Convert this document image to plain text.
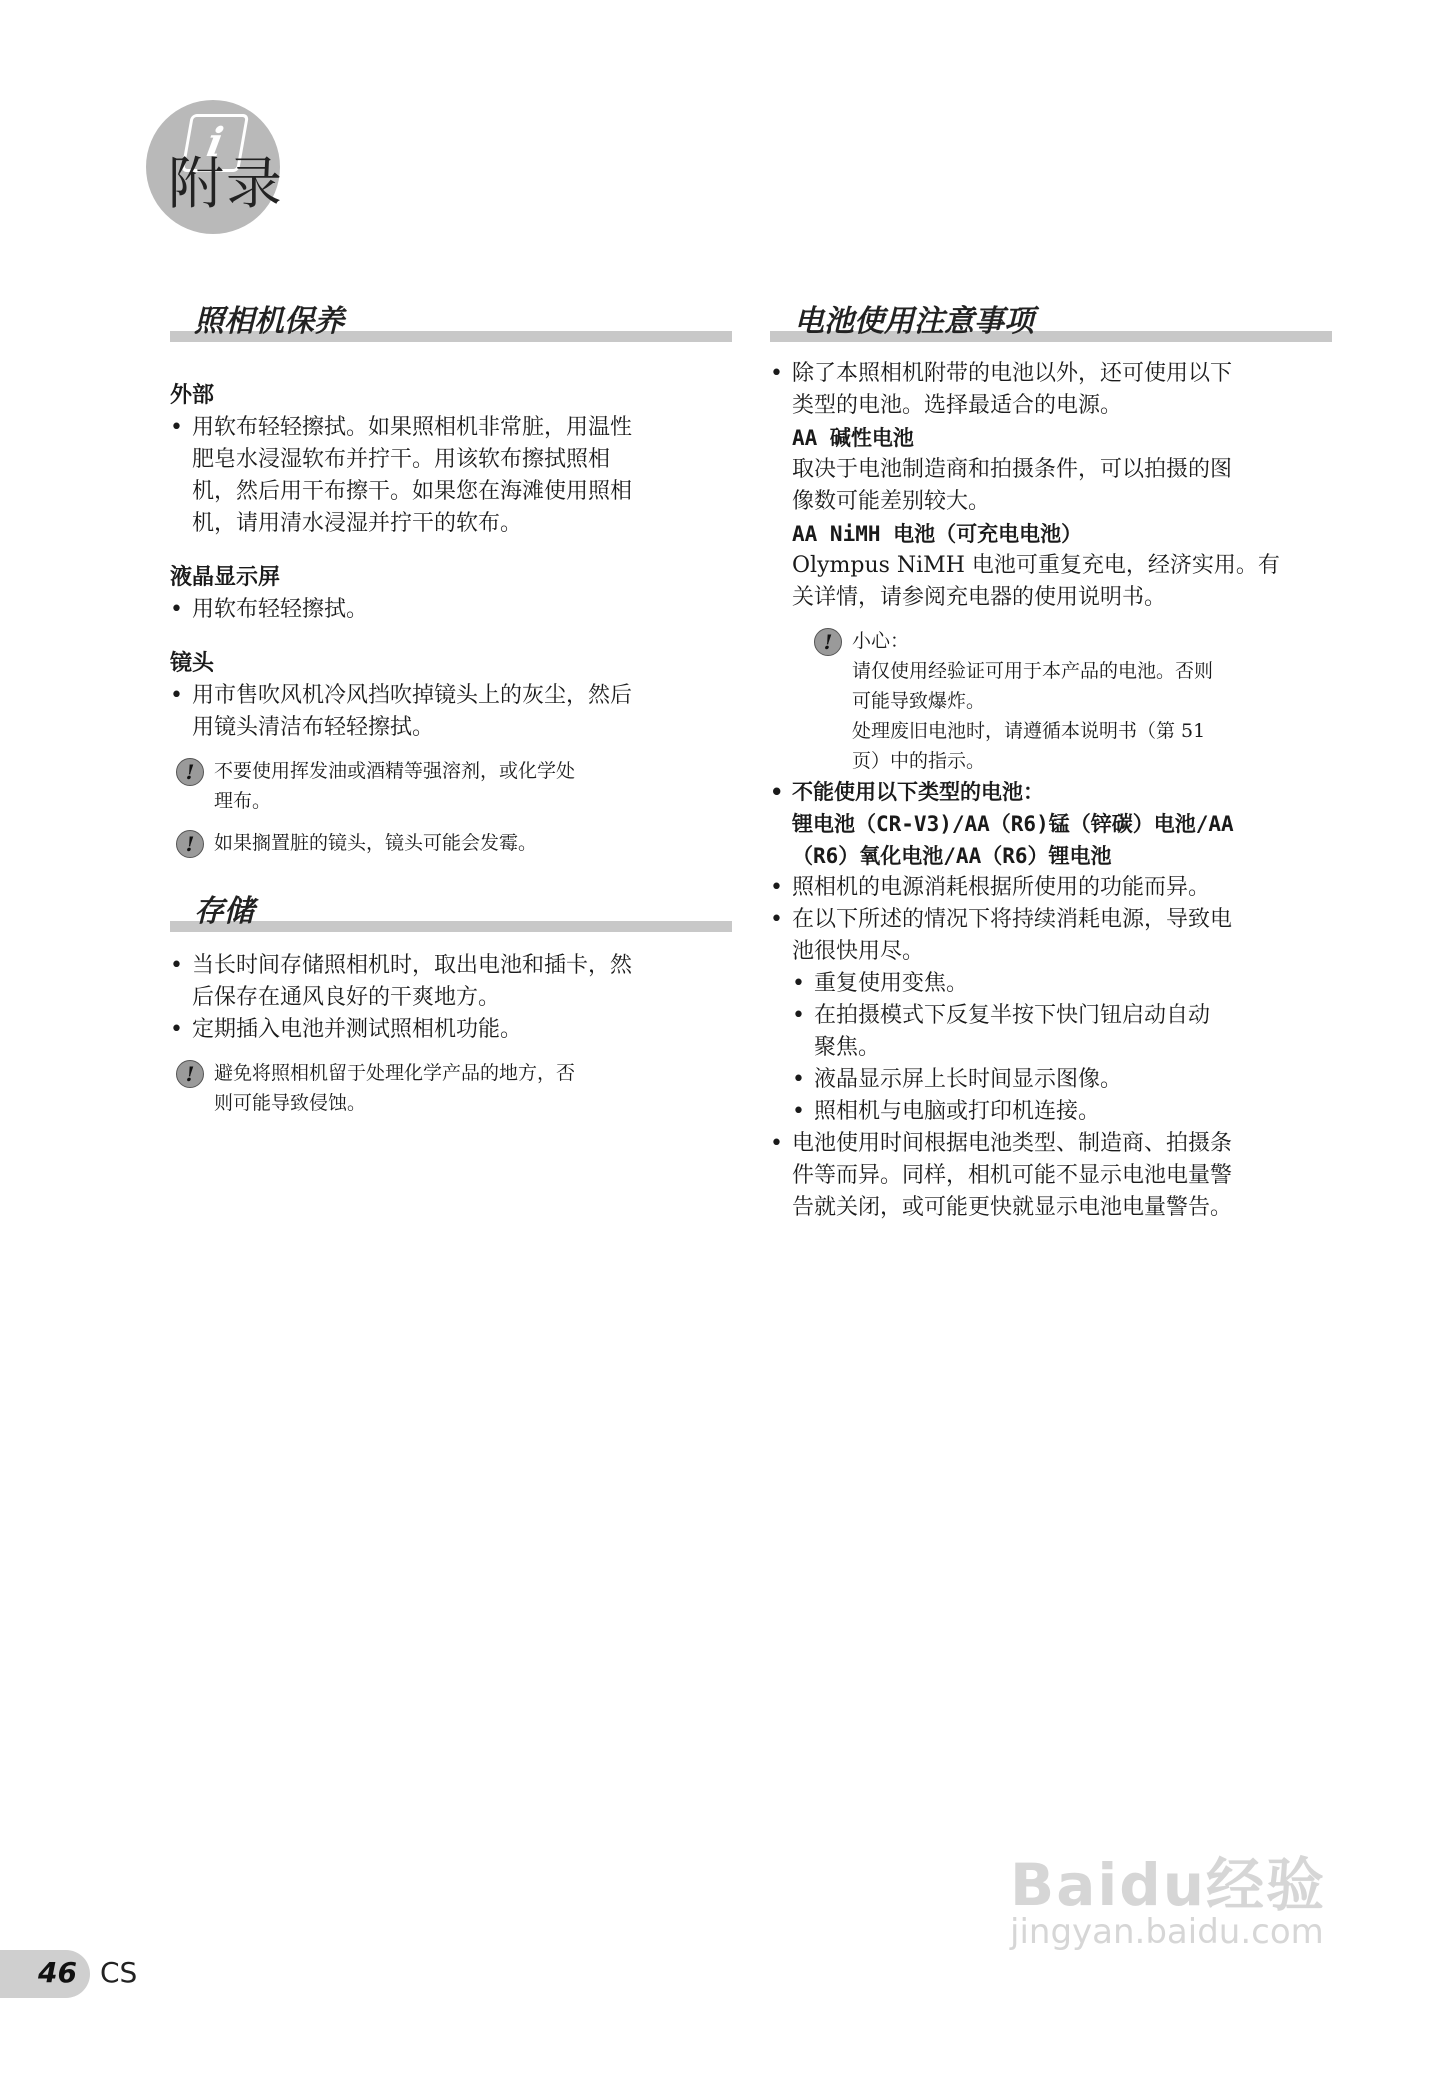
i
附录
照相机保养
外部
• 用软布轻轻擦拭。如果照相机非常脏，用温性
肥皂水浸湿软布并拧干。用该软布擦拭照相
机，然后用干布擦干。如果您在海滩使用照相
机，请用清水浸湿并拧干的软布。
液晶显示屏
• 用软布轻轻擦拭。
镜头
• 用市售吹风机冷风挡吹掉镜头上的灰尘，然后
用镜头清洁布轻轻擦拭。
!	不要使用挥发油或酒精等强溶剂，或化学处
理布。
!	如果搁置脏的镜头，镜头可能会发霉。
存储
• 当长时间存储照相机时，取出电池和插卡，然
后保存在通风良好的干爽地方。
• 定期插入电池并测试照相机功能。
!	避免将照相机留于处理化学产品的地方，否
则可能导致侵蚀。
电池使用注意事项
• 除了本照相机附带的电池以外，还可使用以下
类型的电池。选择最适合的电源。
AA 碱性电池
取决于电池制造商和拍摄条件，可以拍摄的图
像数可能差别较大。
AA NiMH 电池（可充电电池）
Olympus NiMH 电池可重复充电，经济实用。有
关详情，请参阅充电器的使用说明书。
!	小心：
请仅使用经验证可用于本产品的电池。否则
可能导致爆炸。
处理废旧电池时，请遵循本说明书（第 51
页）中的指示。
• 不能使用以下类型的电池：
锂电池（CR-V3)/AA（R6)锰（锌碳）电池/AA
（R6）氧化电池/AA（R6）锂电池
• 照相机的电源消耗根据所使用的功能而异。
• 在以下所述的情况下将持续消耗电源，导致电
池很快用尽。
• 重复使用变焦。
• 在拍摄模式下反复半按下快门钮启动自动
聚焦。
• 液晶显示屏上长时间显示图像。
• 照相机与电脑或打印机连接。
• 电池使用时间根据电池类型、制造商、拍摄条
件等而异。同样，相机可能不显示电池电量警
告就关闭，或可能更快就显示电池电量警告。
Baidu经验
jingyan.baidu.com
46 CS
